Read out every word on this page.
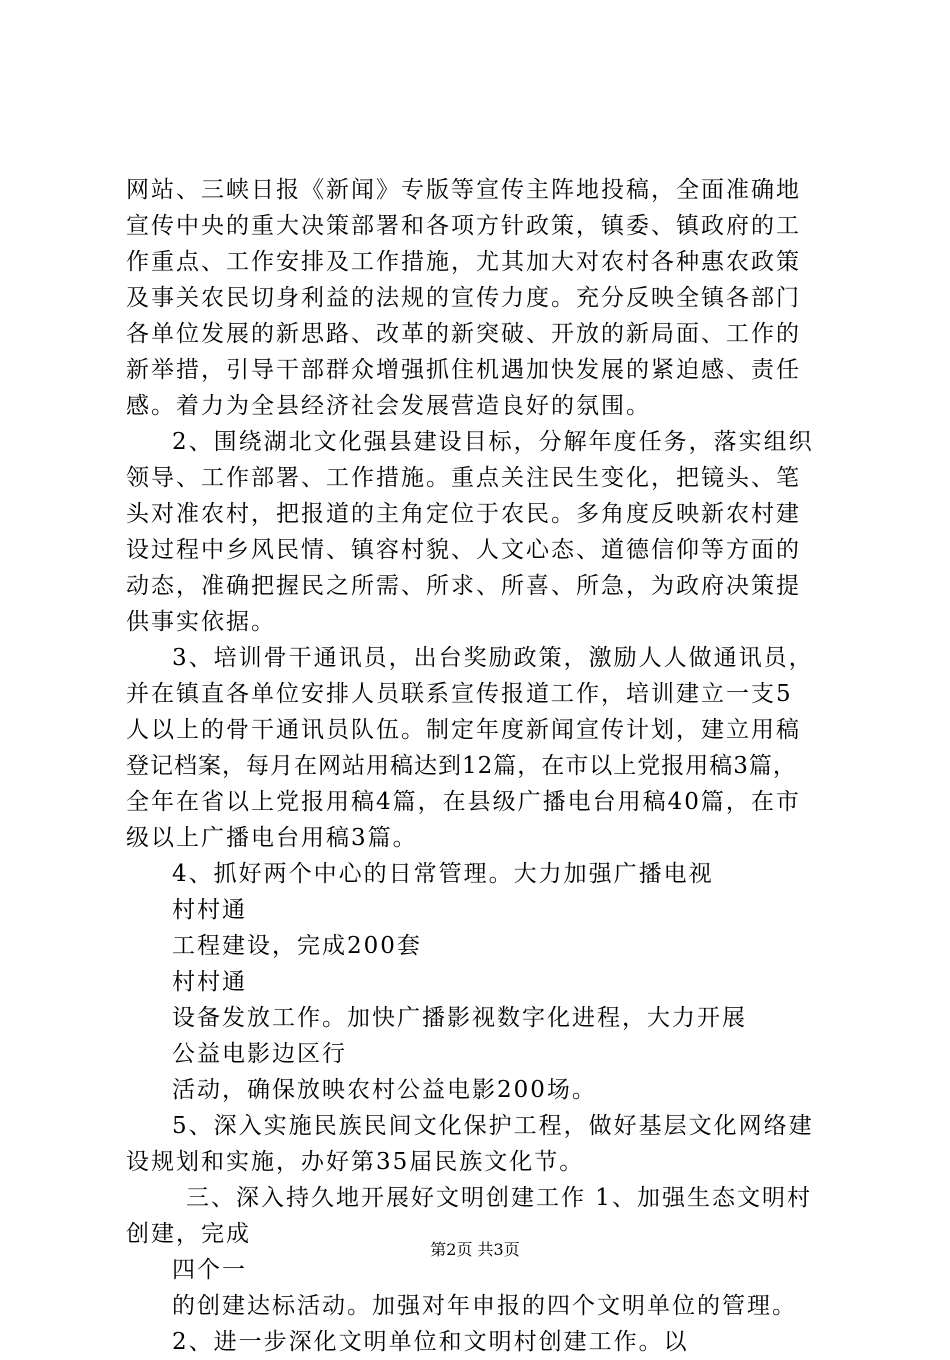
网站、三峡日报《新闻》专版等宣传主阵地投稿，全面准确地
宣传中央的重大决策部署和各项方针政策，镇委、镇政府的工
作重点、工作安排及工作措施，尤其加大对农村各种惠农政策
及事关农民切身利益的法规的宣传力度。充分反映全镇各部门
各单位发展的新思路、改革的新突破、开放的新局面、工作的
新举措，引导干部群众增强抓住机遇加快发展的紧迫感、责任
感。着力为全县经济社会发展营造良好的氛围。
2、围绕湖北文化强县建设目标，分解年度任务，落实组织
领导、工作部署、工作措施。重点关注民生变化，把镜头、笔
头对准农村，把报道的主角定位于农民。多角度反映新农村建
设过程中乡风民情、镇容村貌、人文心态、道德信仰等方面的
动态，准确把握民之所需、所求、所喜、所急，为政府决策提
供事实依据。
3、培训骨干通讯员，出台奖励政策，激励人人做通讯员，
并在镇直各单位安排人员联系宣传报道工作，培训建立一支5
人以上的骨干通讯员队伍。制定年度新闻宣传计划，建立用稿
登记档案，每月在网站用稿达到12篇，在市以上党报用稿3篇，
全年在省以上党报用稿4篇，在县级广播电台用稿40篇，在市
级以上广播电台用稿3篇。
4、抓好两个中心的日常管理。大力加强广播电视
村村通
工程建设，完成200套
村村通
设备发放工作。加快广播影视数字化进程，大力开展
公益电影边区行
活动，确保放映农村公益电影200场。
5、深入实施民族民间文化保护工程，做好基层文化网络建
设规划和实施，办好第35届民族文化节。
三、深入持久地开展好文明创建工作 1、加强生态文明村
创建，完成
四个一
的创建达标活动。加强对年申报的四个文明单位的管理。
2、进一步深化文明单位和文明村创建工作。以
第2页 共3页
